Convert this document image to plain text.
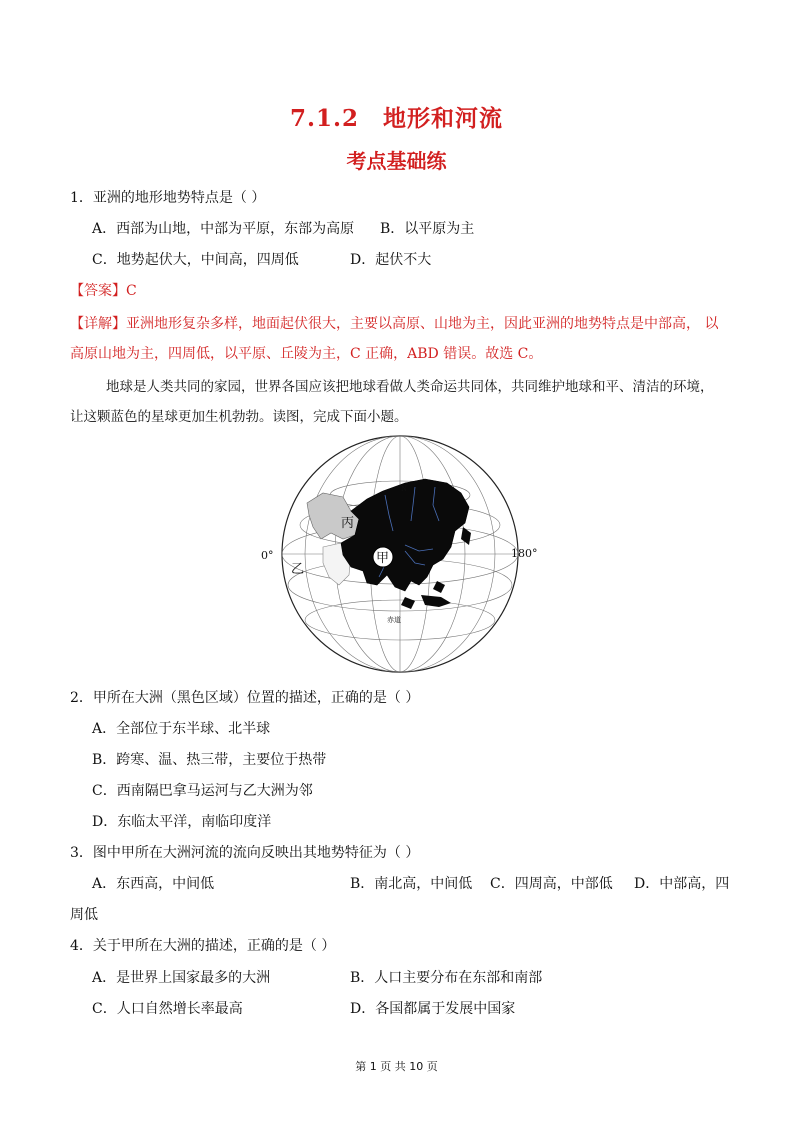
7.1.2　地形和河流
考点基础练
1．亚洲的地形地势特点是（ ）
A．西部为山地，中部为平原，东部为高原 B．以平原为主
C．地势起伏大，中间高，四周低	D．起伏不大
【答案】C
【详解】亚洲地形复杂多样，地面起伏很大，主要以高原、山地为主，因此亚洲的地势特点是中部高， 以
高原山地为主，四周低，以平原、丘陵为主，C 正确，ABD 错误。故选 C。
地球是人类共同的家园，世界各国应该把地球看做人类命运共同体，共同维护地球和平、清洁的环境，
让这颗蓝色的星球更加生机勃勃。读图，完成下面小题。
甲
丙
乙
0°	180°
N
赤道
2．甲所在大洲（黑色区域）位置的描述，正确的是（ ）
A．全部位于东半球、北半球
B．跨寒、温、热三带，主要位于热带
C．西南隔巴拿马运河与乙大洲为邻
D．东临太平洋，南临印度洋
3．图中甲所在大洲河流的流向反映出其地势特征为（ ）
A．东西高，中间低	B．南北高，中间低 C．四周高，中部低 D．中部高，四
周低
4．关于甲所在大洲的描述，正确的是（ ）
A．是世界上国家最多的大洲	B．人口主要分布在东部和南部
C．人口自然增长率最高	D．各国都属于发展中国家
第 1 页 共 10 页
